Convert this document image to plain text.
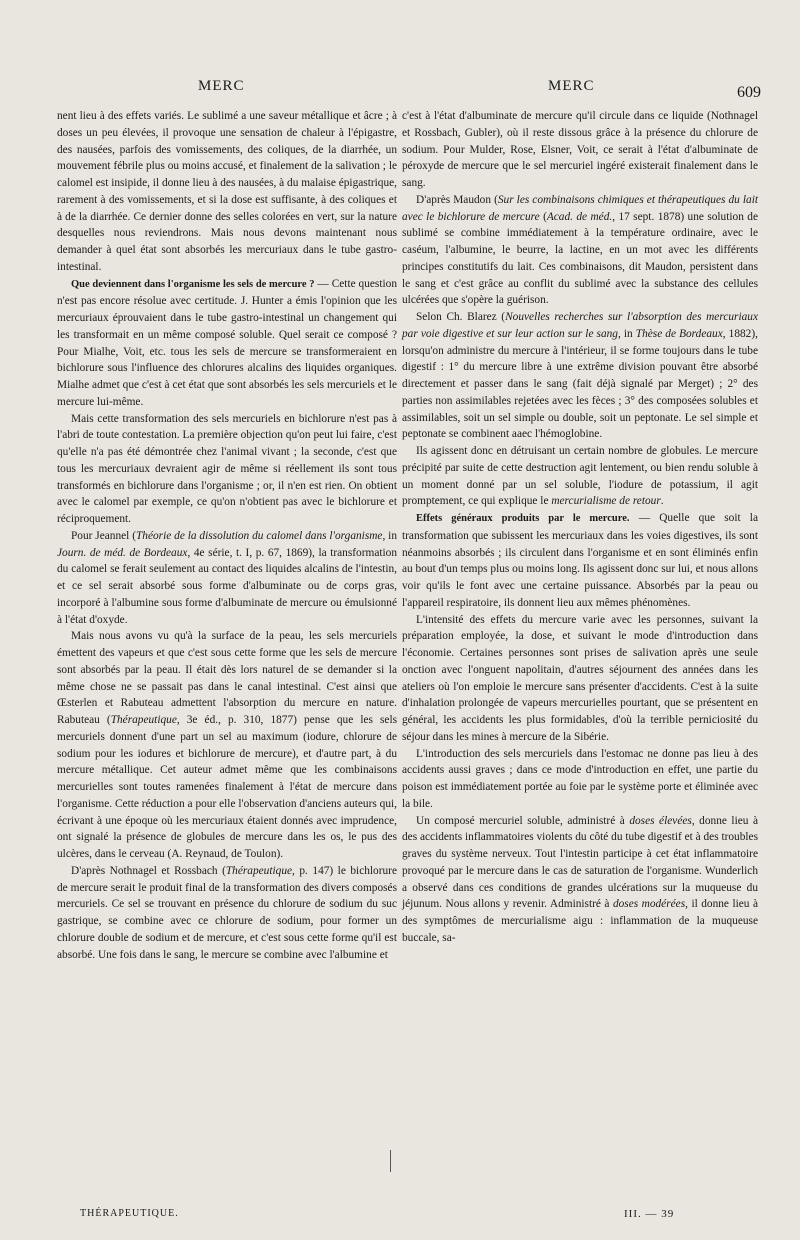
MERC	MERC	609

nent lieu à des effets variés. Le sublimé a une saveur métallique et âcre ; à doses un peu élevées, il provoque une sensation de chaleur à l'épigastre, des nausées, parfois des vomissements, des coliques, de la diarrhée, un mouvement fébrile plus ou moins accusé, et finalement de la salivation ; le calomel est insipide, il donne lieu à des nausées, à du malaise épigastrique, rarement à des vomissements, et si la dose est suffisante, à des coliques et à de la diarrhée. Ce dernier donne des selles colorées en vert, sur la nature desquelles nous reviendrons. Mais nous devons maintenant nous demander à quel état sont absorbés les mercuriaux dans le tube gastro-intestinal.

Que deviennent dans l'organisme les sels de mercure ? — Cette question n'est pas encore résolue avec certitude. J. Hunter a émis l'opinion que les mercuriaux éprouvaient dans le tube gastro-intestinal un changement qui les transformait en un même composé soluble. Quel serait ce composé ? Pour Mialhe, Voit, etc. tous les sels de mercure se transformeraient en bichlorure sous l'influence des chlorures alcalins des liquides organiques. Mialhe admet que c'est à cet état que sont absorbés les sels mercuriels et le mercure lui-même.

Mais cette transformation des sels mercuriels en bichlorure n'est pas à l'abri de toute contestation. La première objection qu'on peut lui faire, c'est qu'elle n'a pas été démontrée chez l'animal vivant ; la seconde, c'est que tous les mercuriaux devraient agir de même si réellement ils sont tous transformés en bichlorure dans l'organisme ; or, il n'en est rien. On obtient avec le calomel par exemple, ce qu'on n'obtient pas avec le bichlorure et réciproquement.

Pour Jeannel (Théorie de la dissolution du calomel dans l'organisme, in Journ. de méd. de Bordeaux, 4e série, t. I, p. 67, 1869), la transformation du calomel se ferait seulement au contact des liquides alcalins de l'intestin, et ce sel serait absorbé sous forme d'albuminate ou de corps gras, incorporé à l'albumine sous forme d'albuminate de mercure ou émulsionné à l'état d'oxyde.

Mais nous avons vu qu'à la surface de la peau, les sels mercuriels émettent des vapeurs et que c'est sous cette forme que les sels de mercure sont absorbés par la peau. Il était dès lors naturel de se demander si la même chose ne se passait pas dans le canal intestinal. C'est ainsi que Œsterlen et Rabuteau admettent l'absorption du mercure en nature. Rabuteau (Thérapeutique, 3e éd., p. 310, 1877) pense que les sels mercuriels donnent d'une part un sel au maximum (iodure, chlorure de sodium pour les iodures et bichlorure de mercure), et d'autre part, à du mercure métallique. Cet auteur admet même que les combinaisons mercurielles sont toutes ramenées finalement à l'état de mercure dans l'organisme. Cette réduction a pour elle l'observation d'anciens auteurs qui, écrivant à une époque où les mercuriaux étaient donnés avec imprudence, ont signalé la présence de globules de mercure dans les os, le pus des ulcères, dans le cerveau (A. Reynaud, de Toulon).

D'après Nothnagel et Rossbach (Thérapeutique, p. 147) le bichlorure de mercure serait le produit final de la transformation des divers composés mercuriels. Ce sel se trouvant en présence du chlorure de sodium du suc gastrique, se combine avec ce chlorure de sodium, pour former un chlorure double de sodium et de mercure, et c'est sous cette forme qu'il est absorbé. Une fois dans le sang, le mercure se combine avec l'albumine et

c'est à l'état d'albuminate de mercure qu'il circule dans ce liquide (Nothnagel et Rossbach, Gubler), où il reste dissous grâce à la présence du chlorure de sodium. Pour Mulder, Rose, Elsner, Voit, ce serait à l'état d'albuminate de péroxyde de mercure que le sel mercuriel ingéré existerait finalement dans le sang.

D'après Maudon (Sur les combinaisons chimiques et thérapeutiques du lait avec le bichlorure de mercure (Acad. de méd., 17 sept. 1878) une solution de sublimé se combine immédiatement à la température ordinaire, avec le caséum, l'albumine, le beurre, la lactine, en un mot avec les différents principes constitutifs du lait. Ces combinaisons, dit Maudon, persistent dans le sang et c'est grâce au conflit du sublimé avec la substance des cellules ulcérées que s'opère la guérison.

Selon Ch. Blarez (Nouvelles recherches sur l'absorption des mercuriaux par voie digestive et sur leur action sur le sang, in Thèse de Bordeaux, 1882), lorsqu'on administre du mercure à l'intérieur, il se forme toujours dans le tube digestif : 1° du mercure libre à une extrême division pouvant être absorbé directement et passer dans le sang (fait déjà signalé par Merget) ; 2° des parties non assimilables rejetées avec les fèces ; 3° des composées solubles et assimilables, soit un sel simple ou double, soit un peptonate. Le sel simple et peptonate se combinent aaec l'hémoglobine.

Ils agissent donc en détruisant un certain nombre de globules. Le mercure précipité par suite de cette destruction agit lentement, ou bien rendu soluble à un moment donné par un sel soluble, l'iodure de potassium, il agit promptement, ce qui explique le mercurialisme de retour.

Effets généraux produits par le mercure. — Quelle que soit la transformation que subissent les mercuriaux dans les voies digestives, ils sont néanmoins absorbés ; ils circulent dans l'organisme et en sont éliminés enfin au bout d'un temps plus ou moins long. Ils agissent donc sur lui, et nous allons voir qu'ils le font avec une certaine puissance. Absorbés par la peau ou l'appareil respiratoire, ils donnent lieu aux mêmes phénomènes.

L'intensité des effets du mercure varie avec les personnes, suivant la préparation employée, la dose, et suivant le mode d'introduction dans l'économie. Certaines personnes sont prises de salivation après une seule onction avec l'onguent napolitain, d'autres séjournent des années dans les ateliers où l'on emploie le mercure sans présenter d'accidents. C'est à la suite d'inhalation prolongée de vapeurs mercurielles pourtant, que se présentent en général, les accidents les plus formidables, d'où la terrible perniciosité du séjour dans les mines à mercure de la Sibérie.

L'introduction des sels mercuriels dans l'estomac ne donne pas lieu à des accidents aussi graves ; dans ce mode d'introduction en effet, une partie du poison est immédiatement portée au foie par le système porte et éliminée avec la bile.

Un composé mercuriel soluble, administré à doses élevées, donne lieu à des accidents inflammatoires violents du côté du tube digestif et à des troubles graves du système nerveux. Tout l'intestin participe à cet état inflammatoire provoqué par le mercure dans le cas de saturation de l'organisme. Wunderlich a observé dans ces conditions de grandes ulcérations sur la muqueuse du jéjunum. Nous allons y revenir. Administré à doses modérées, il donne lieu à des symptômes de mercurialisme aigu : inflammation de la muqueuse buccale, sa-

THÉRAPEUTIQUE.	III. — 39
